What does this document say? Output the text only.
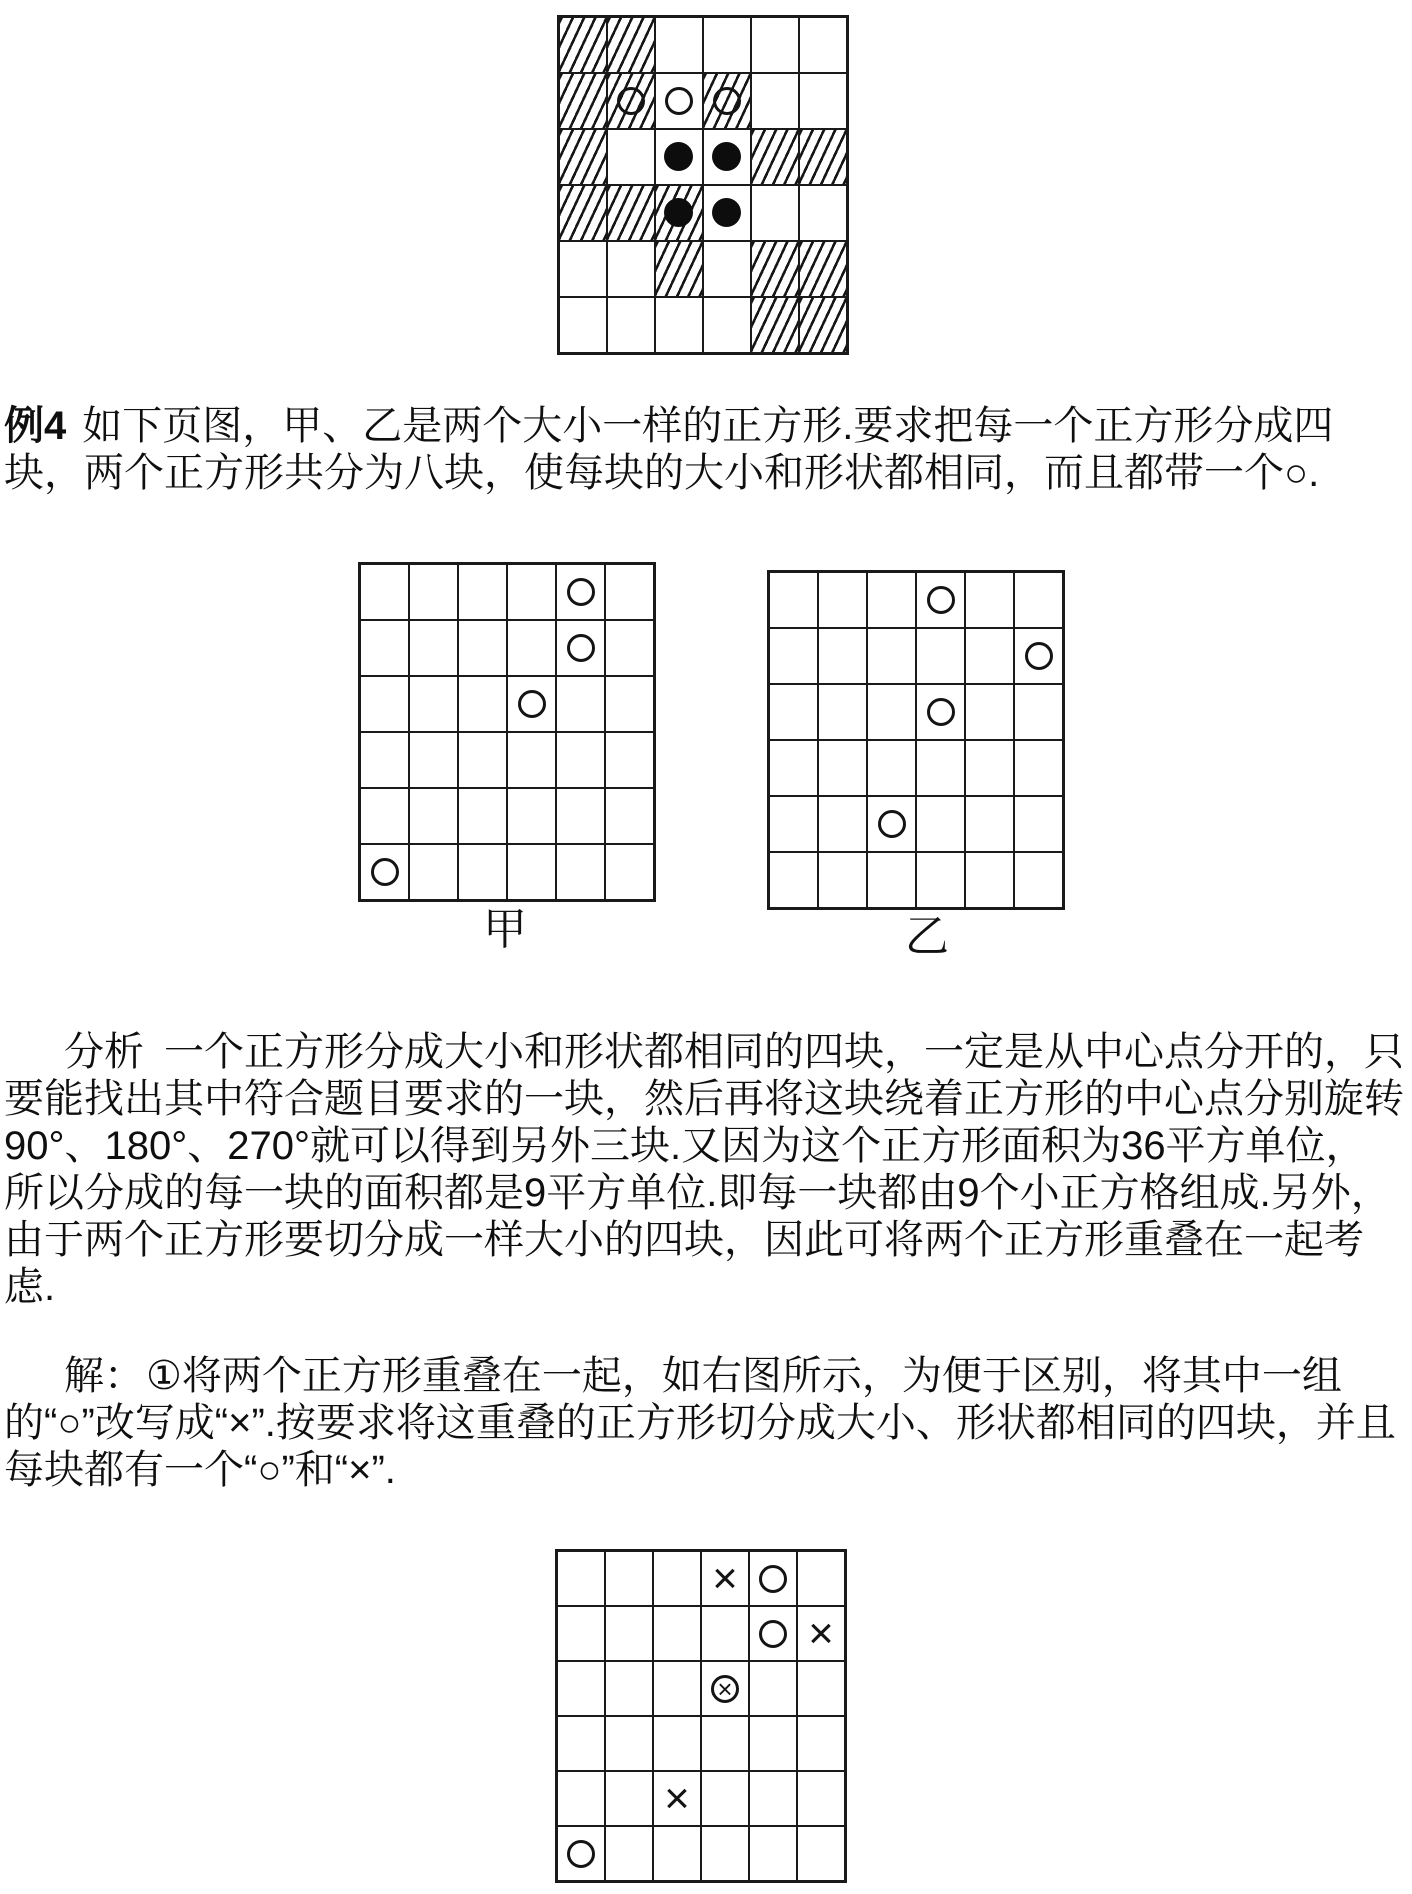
例4 如下页图，甲、乙是两个大小一样的正方形.要求把每一个正方形分成四块，两个正方形共分为八块，使每块的大小和形状都相同，而且都带一个○.

甲	乙

分析 一个正方形分成大小和形状都相同的四块，一定是从中心点分开的，只要能找出其中符合题目要求的一块，然后再将这块绕着正方形的中心点分别旋转90°、180°、270°就可以得到另外三块.又因为这个正方形面积为36平方单位，所以分成的每一块的面积都是9平方单位.即每一块都由9个小正方格组成.另外，由于两个正方形要切分成一样大小的四块，因此可将两个正方形重叠在一起考虑.

解：①将两个正方形重叠在一起，如右图所示，为便于区别，将其中一组的“○”改写成“×”.按要求将这重叠的正方形切分成大小、形状都相同的四块，并且每块都有一个“○”和“×”.

×
×
×
×
